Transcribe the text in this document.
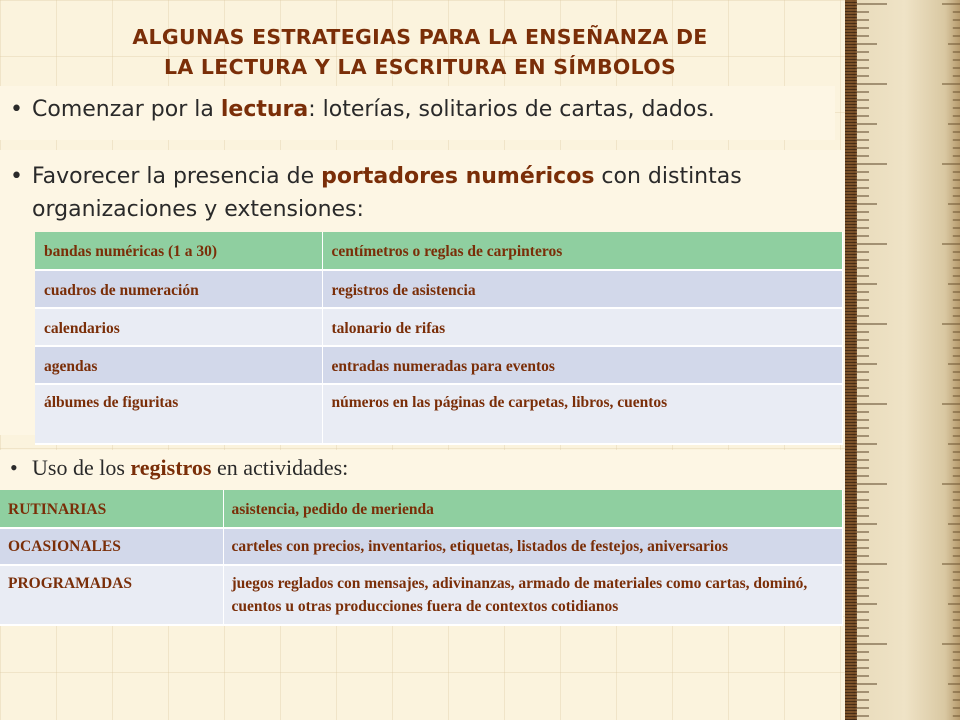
ALGUNAS ESTRATEGIAS PARA LA ENSEÑANZA DE
LA LECTURA Y LA ESCRITURA EN SÍMBOLOS
• Comenzar por la lectura: loterías, solitarios de cartas, dados.
• Favorecer la presencia de portadores numéricos con distintas
organizaciones y extensiones:
bandas numéricas (1 a 30)	centímetros o reglas de carpinteros
cuadros de numeración	registros de asistencia
calendarios	talonario de rifas
agendas	entradas numeradas para eventos
álbumes de figuritas	números en las páginas de carpetas, libros, cuentos
• Uso de los registros en actividades:
RUTINARIAS	asistencia, pedido de merienda
OCASIONALES	carteles con precios, inventarios, etiquetas, listados de festejos, aniversarios
PROGRAMADAS	juegos reglados con mensajes, adivinanzas, armado de materiales como cartas, dominó, cuentos u otras producciones fuera de contextos cotidianos
